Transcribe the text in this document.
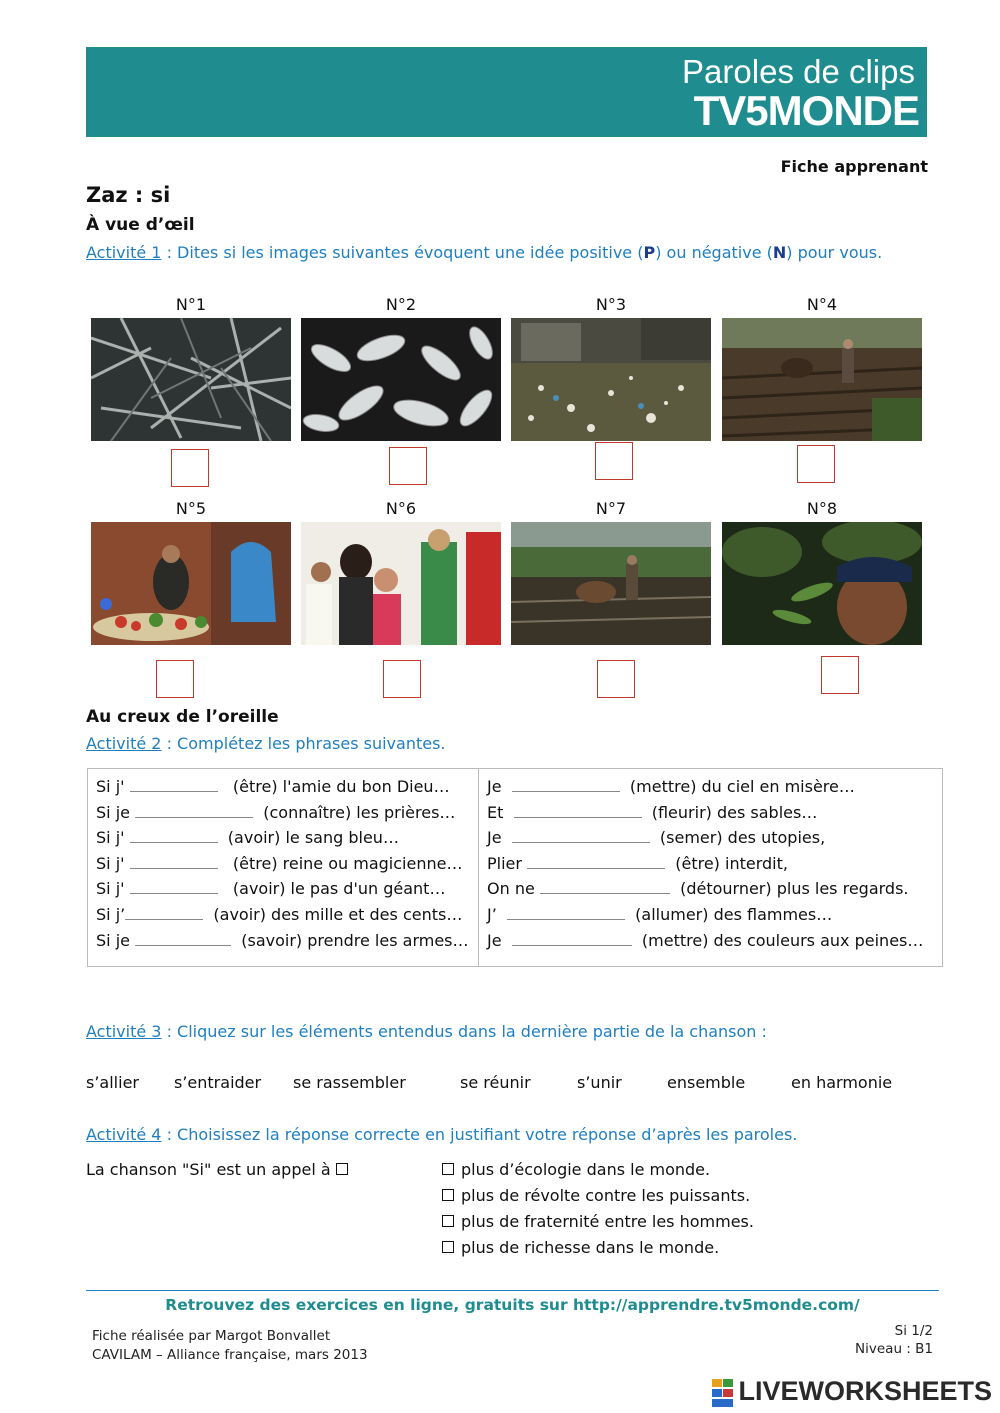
Paroles de clips
TV5MONDE
Fiche apprenant
Zaz : si
À vue d’œil
Activité 1 : Dites si les images suivantes évoquent une idée positive (P) ou négative (N) pour vous.
N°1	N°2	N°3	N°4
N°5	N°6	N°7	N°8
Au creux de l’oreille
Activité 2 : Complétez les phrases suivantes.
Si j'	(être) l'amie du bon Dieu…
Si je	(connaître) les prières…
Si j'	(avoir) le sang bleu…
Si j'	(être) reine ou magicienne…
Si j'	(avoir) le pas d'un géant…
Si j’	(avoir) des mille et des cents…
Si je	(savoir) prendre les armes…

Je	(mettre) du ciel en misère…
Et	(fleurir) des sables…
Je	(semer) des utopies,
Plier	(être) interdit,
On ne	(détourner) plus les regards.
J’	(allumer) des flammes…
Je	(mettre) des couleurs aux peines…
Activité 3 : Cliquez sur les éléments entendus dans la dernière partie de la chanson :
s’allier s’entraider se rassembler	se réunir	s’unir	ensemble	en harmonie
Activité 4 : Choisissez la réponse correcte en justifiant votre réponse d’après les paroles.
La chanson "Si" est un appel à	plus d’écologie dans le monde.
plus de révolte contre les puissants.
plus de fraternité entre les hommes.
plus de richesse dans le monde.
Retrouvez des exercices en ligne, gratuits sur http://apprendre.tv5monde.com/
Fiche réalisée par Margot Bonvallet
CAVILAM – Alliance française, mars 2013
Si 1/2
Niveau : B1
LIVEWORKSHEETS
